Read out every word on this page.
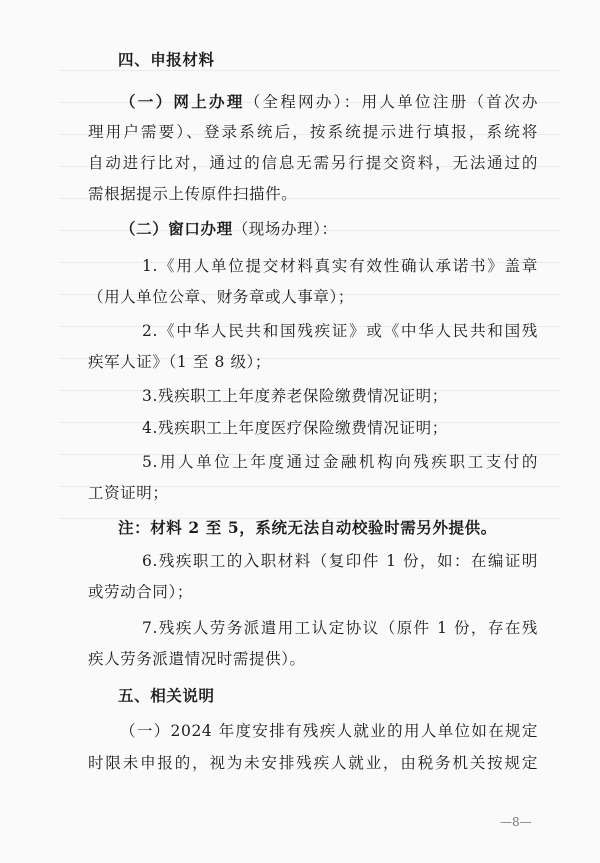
四、申报材料
（一）网上办理（全程网办）：用人单位注册（首次办
理用户需要）、登录系统后，按系统提示进行填报，系统将
自动进行比对，通过的信息无需另行提交资料，无法通过的
需根据提示上传原件扫描件。
（二）窗口办理（现场办理）：
1.《用人单位提交材料真实有效性确认承诺书》盖章
（用人单位公章、财务章或人事章）；
2.《中华人民共和国残疾证》或《中华人民共和国残
疾军人证》（1 至 8 级）；
3.残疾职工上年度养老保险缴费情况证明；
4.残疾职工上年度医疗保险缴费情况证明；
5.用人单位上年度通过金融机构向残疾职工支付的
工资证明；
注：材料 2 至 5，系统无法自动校验时需另外提供。
6.残疾职工的入职材料（复印件 1 份，如：在编证明
或劳动合同）；
7.残疾人劳务派遣用工认定协议（原件 1 份，存在残
疾人劳务派遣情况时需提供）。
五、相关说明
（一）2024 年度安排有残疾人就业的用人单位如在规定
时限未申报的，视为未安排残疾人就业，由税务机关按规定
—8—
